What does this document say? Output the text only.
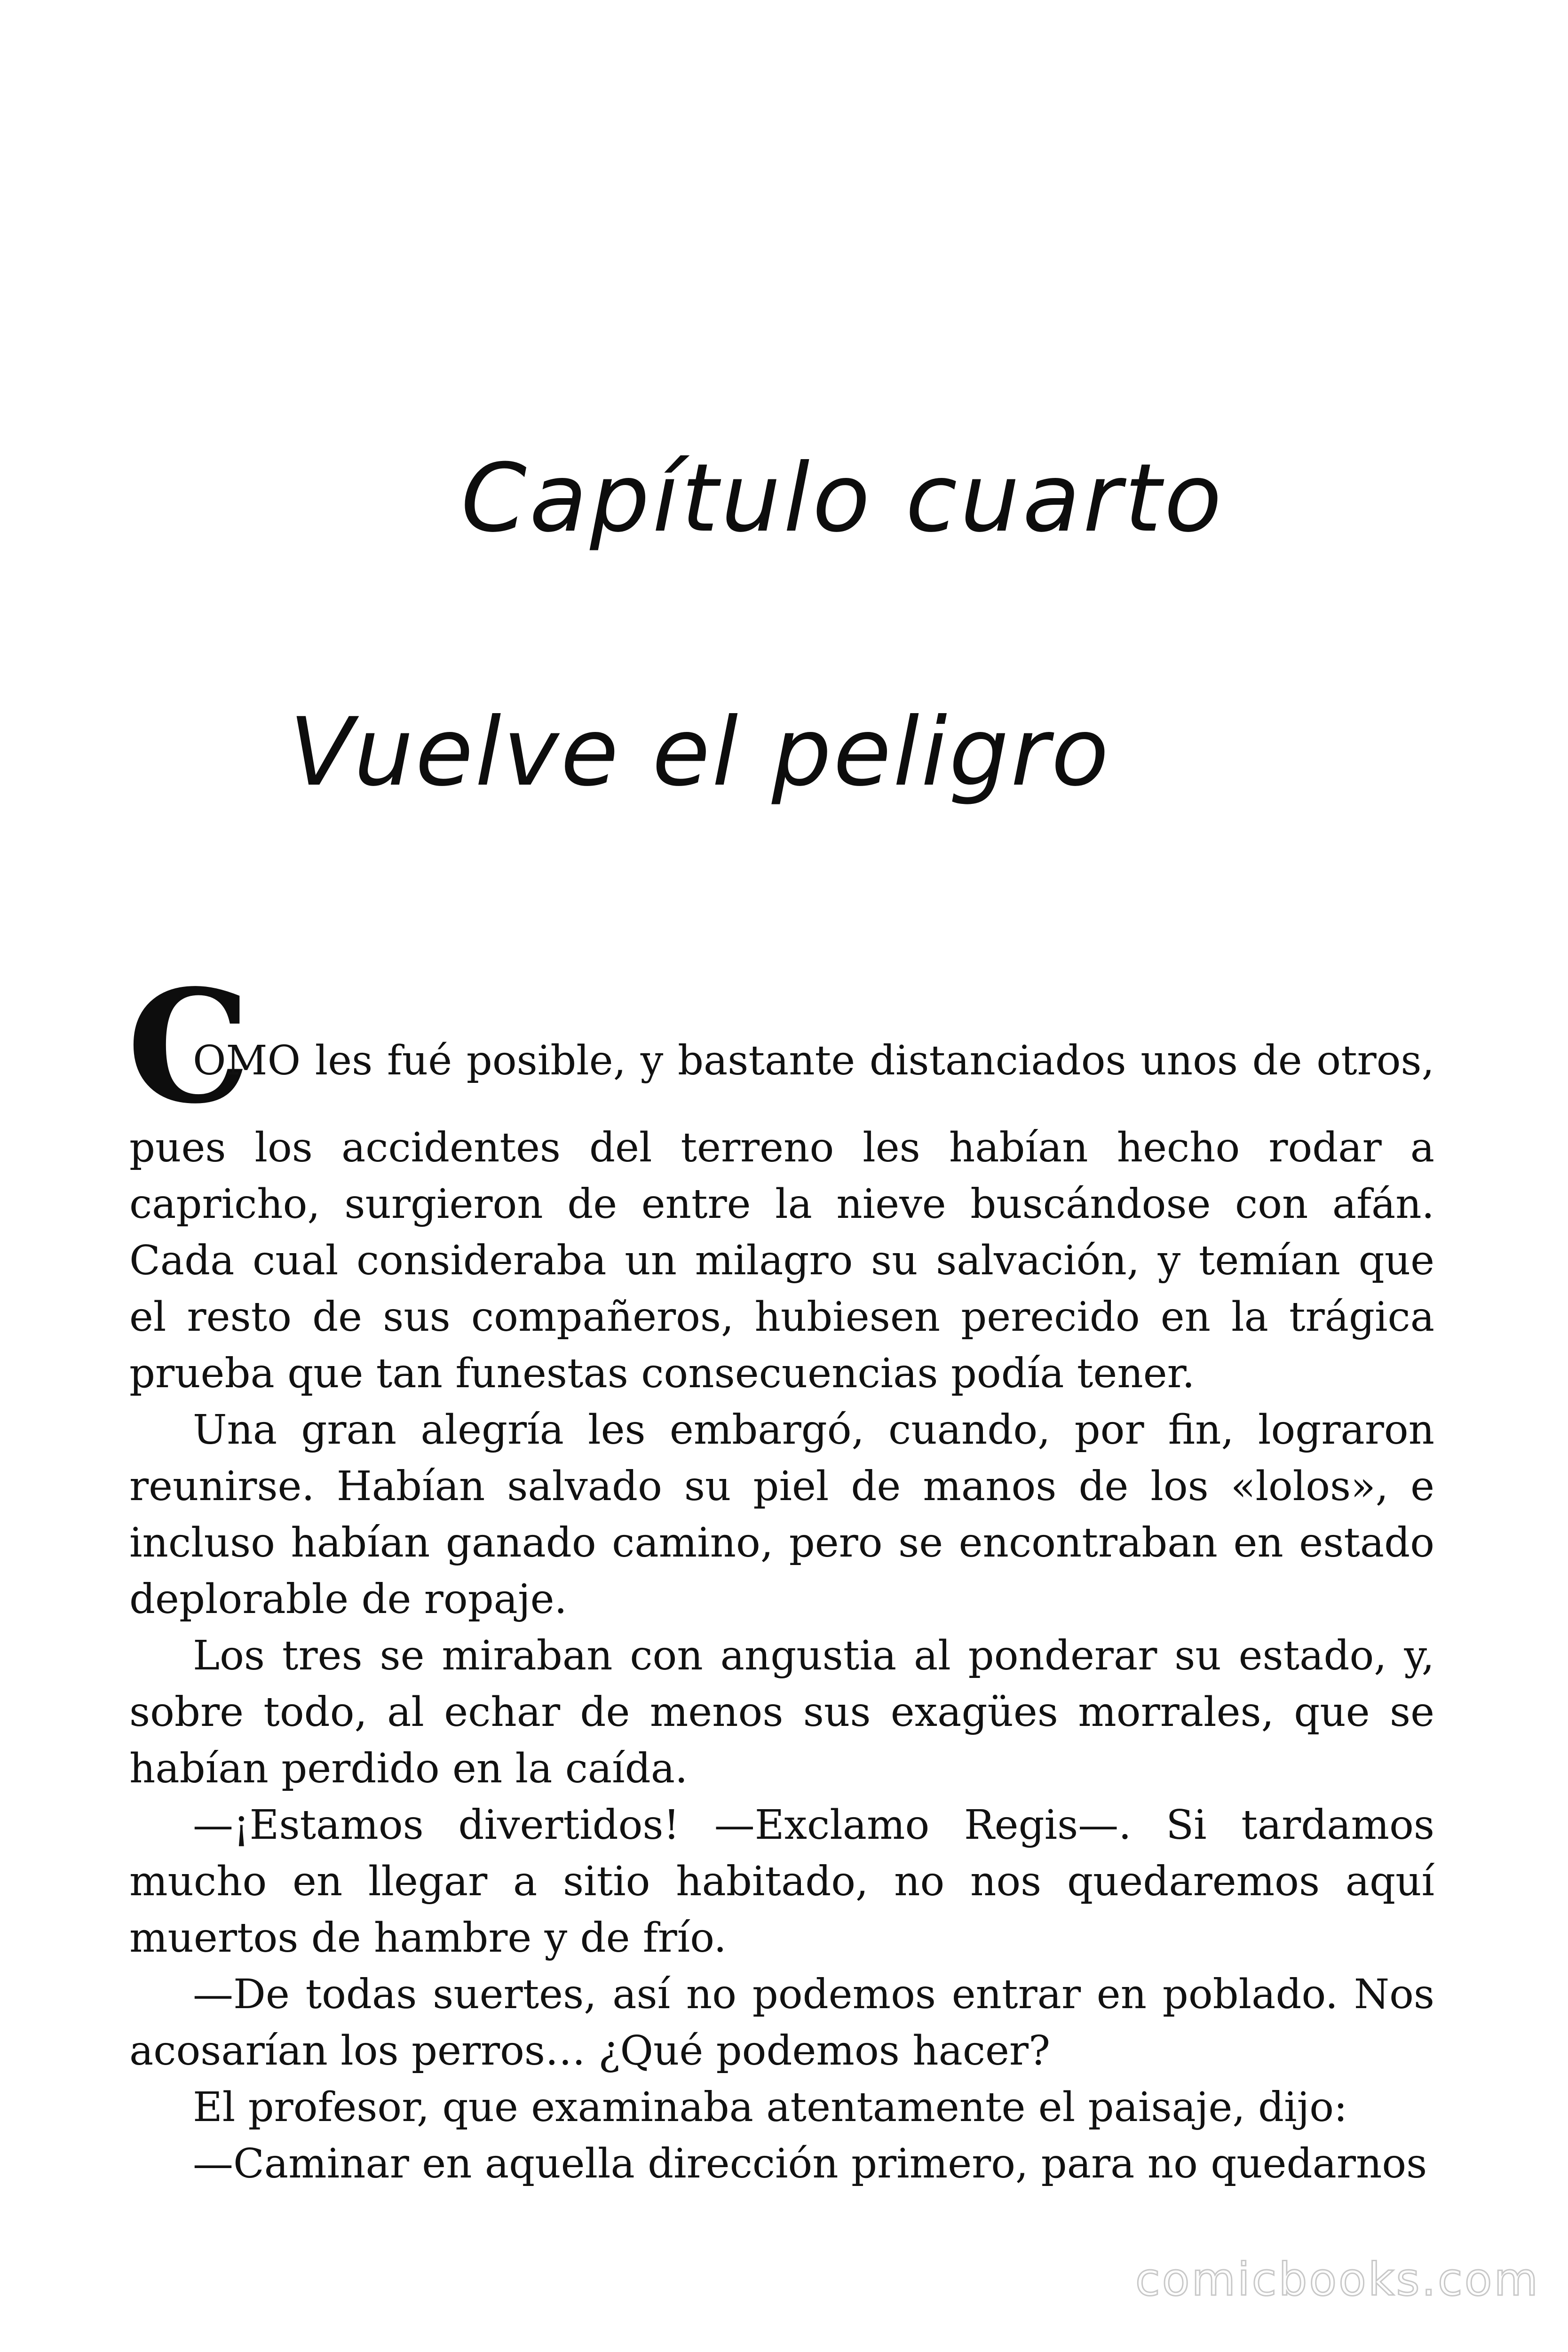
Capítulo cuarto
Vuelve el peligro
C
OMO les fué posible, y bastante distanciados unos de otros,

pues los accidentes del terreno les habían hecho rodar a capricho, surgieron de entre la nieve buscándose con afán. Cada cual consideraba un milagro su salvación, y temían que el resto de sus compañeros, hubiesen perecido en la trágica prueba que tan funestas consecuencias podía tener.

Una gran alegría les embargó, cuando, por fin, lograron reunirse. Habían salvado su piel de manos de los «lolos», e incluso habían ganado camino, pero se encontraban en estado deplorable de ropaje.

Los tres se miraban con angustia al ponderar su estado, y, sobre todo, al echar de menos sus exagües morrales, que se habían perdido en la caída.

—¡Estamos divertidos! —Exclamo Regis—. Si tardamos mucho en llegar a sitio habitado, no nos quedaremos aquí muertos de hambre y de frío.

—De todas suertes, así no podemos entrar en poblado. Nos acosarían los perros… ¿Qué podemos hacer?

El profesor, que examinaba atentamente el paisaje, dijo:

—Caminar en aquella dirección primero, para no quedarnos

comicbooks.com
